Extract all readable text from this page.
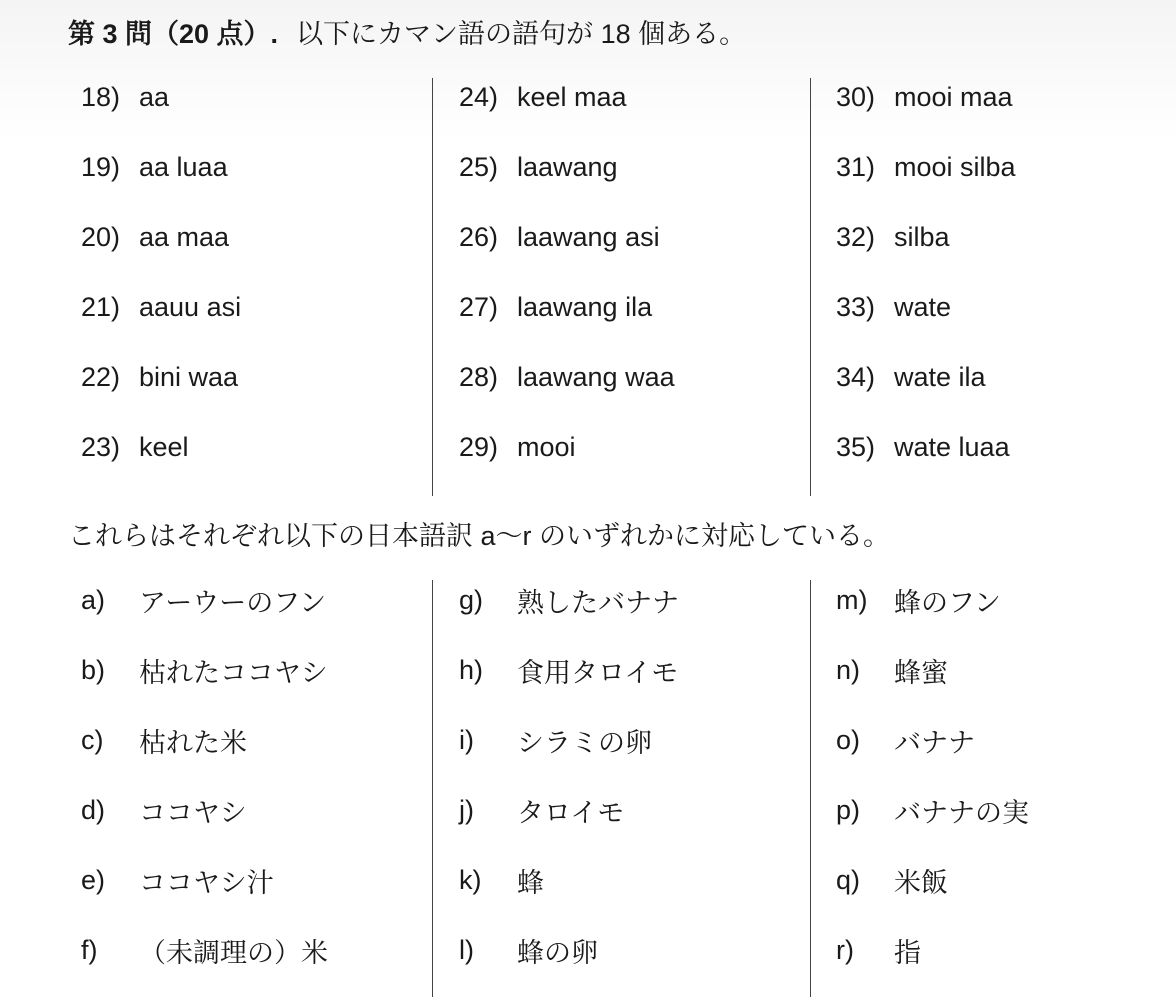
第 3 問（20 点）. 以下にカマン語の語句が 18 個ある。
18) aa
19) aa luaa
20) aa maa
21) aauu asi
22) bini waa
23) keel
24) keel maa
25) laawang
26) laawang asi
27) laawang ila
28) laawang waa
29) mooi
30) mooi maa
31) mooi silba
32) silba
33) wate
34) wate ila
35) wate luaa
これらはそれぞれ以下の日本語訳 a〜r のいずれかに対応している。
a)	アーウーのフン
b)	枯れたココヤシ
c)	枯れた米
d)	ココヤシ
e)	ココヤシ汁
f)	（未調理の）米
g)	熟したバナナ
h)	食用タロイモ
i)	シラミの卵
j)	タロイモ
k)	蜂
l)	蜂の卵
m) 蜂のフン
n)	蜂蜜
o)	バナナ
p)	バナナの実
q)	米飯
r)	指
